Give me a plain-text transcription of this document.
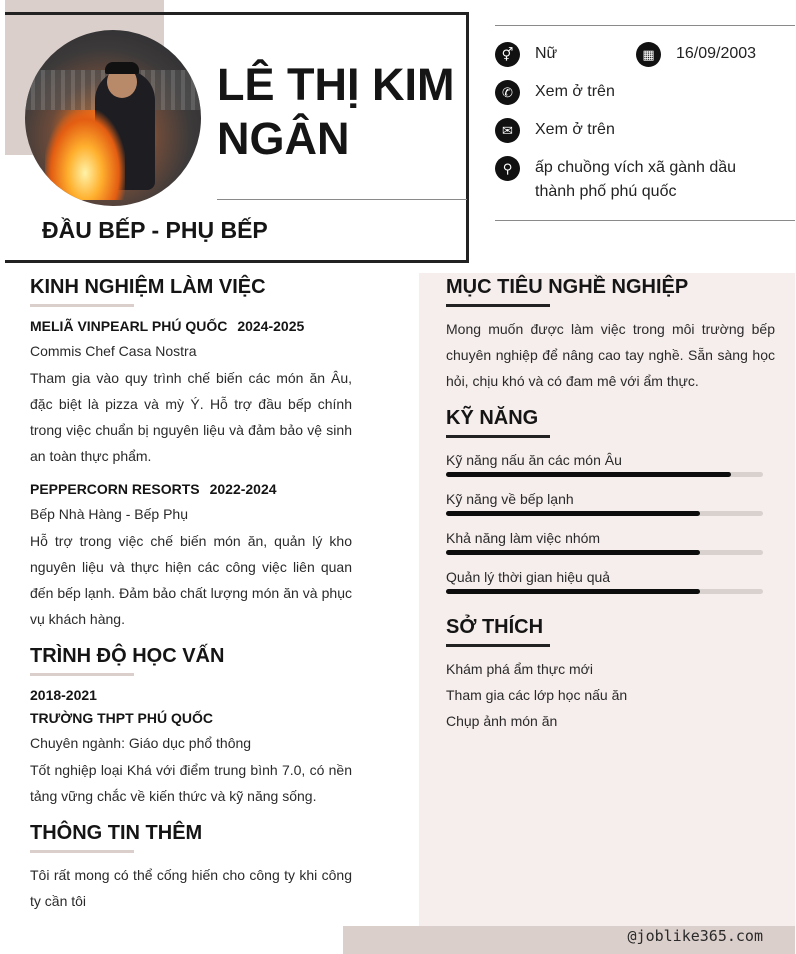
LÊ THỊ KIM NGÂN
ĐẦU BẾP - PHỤ BẾP
⚥	Nữ	▦	16/09/2003
✆	Xem ở trên
✉	Xem ở trên
⚲	ấp chuồng vích xã gành dầu
thành phố phú quốc
KINH NGHIỆM LÀM VIỆC
MELIÃ VINPEARL PHÚ QUỐC 2024-2025
Commis Chef Casa Nostra
Tham gia vào quy trình chế biến các món ăn Âu, đặc biệt là pizza và mỳ Ý. Hỗ trợ đầu bếp chính trong việc chuẩn bị nguyên liệu và đảm bảo vệ sinh an toàn thực phẩm.
PEPPERCORN RESORTS 2022-2024
Bếp Nhà Hàng - Bếp Phụ
Hỗ trợ trong việc chế biến món ăn, quản lý kho nguyên liệu và thực hiện các công việc liên quan đến bếp lạnh. Đảm bảo chất lượng món ăn và phục vụ khách hàng.
TRÌNH ĐỘ HỌC VẤN
2018-2021
TRƯỜNG THPT PHÚ QUỐC
Chuyên ngành: Giáo dục phổ thông
Tốt nghiệp loại Khá với điểm trung bình 7.0, có nền tảng vững chắc về kiến thức và kỹ năng sống.
THÔNG TIN THÊM
Tôi rất mong có thể cống hiến cho công ty khi công ty cần tôi
MỤC TIÊU NGHỀ NGHIỆP
Mong muốn được làm việc trong môi trường bếp chuyên nghiệp để nâng cao tay nghề. Sẵn sàng học hỏi, chịu khó và có đam mê với ẩm thực.
KỸ NĂNG
Kỹ năng nấu ăn các món Âu
Kỹ năng về bếp lạnh
Khả năng làm việc nhóm
Quản lý thời gian hiệu quả
SỞ THÍCH
Khám phá ẩm thực mới
Tham gia các lớp học nấu ăn
Chụp ảnh món ăn
@joblike365.com
